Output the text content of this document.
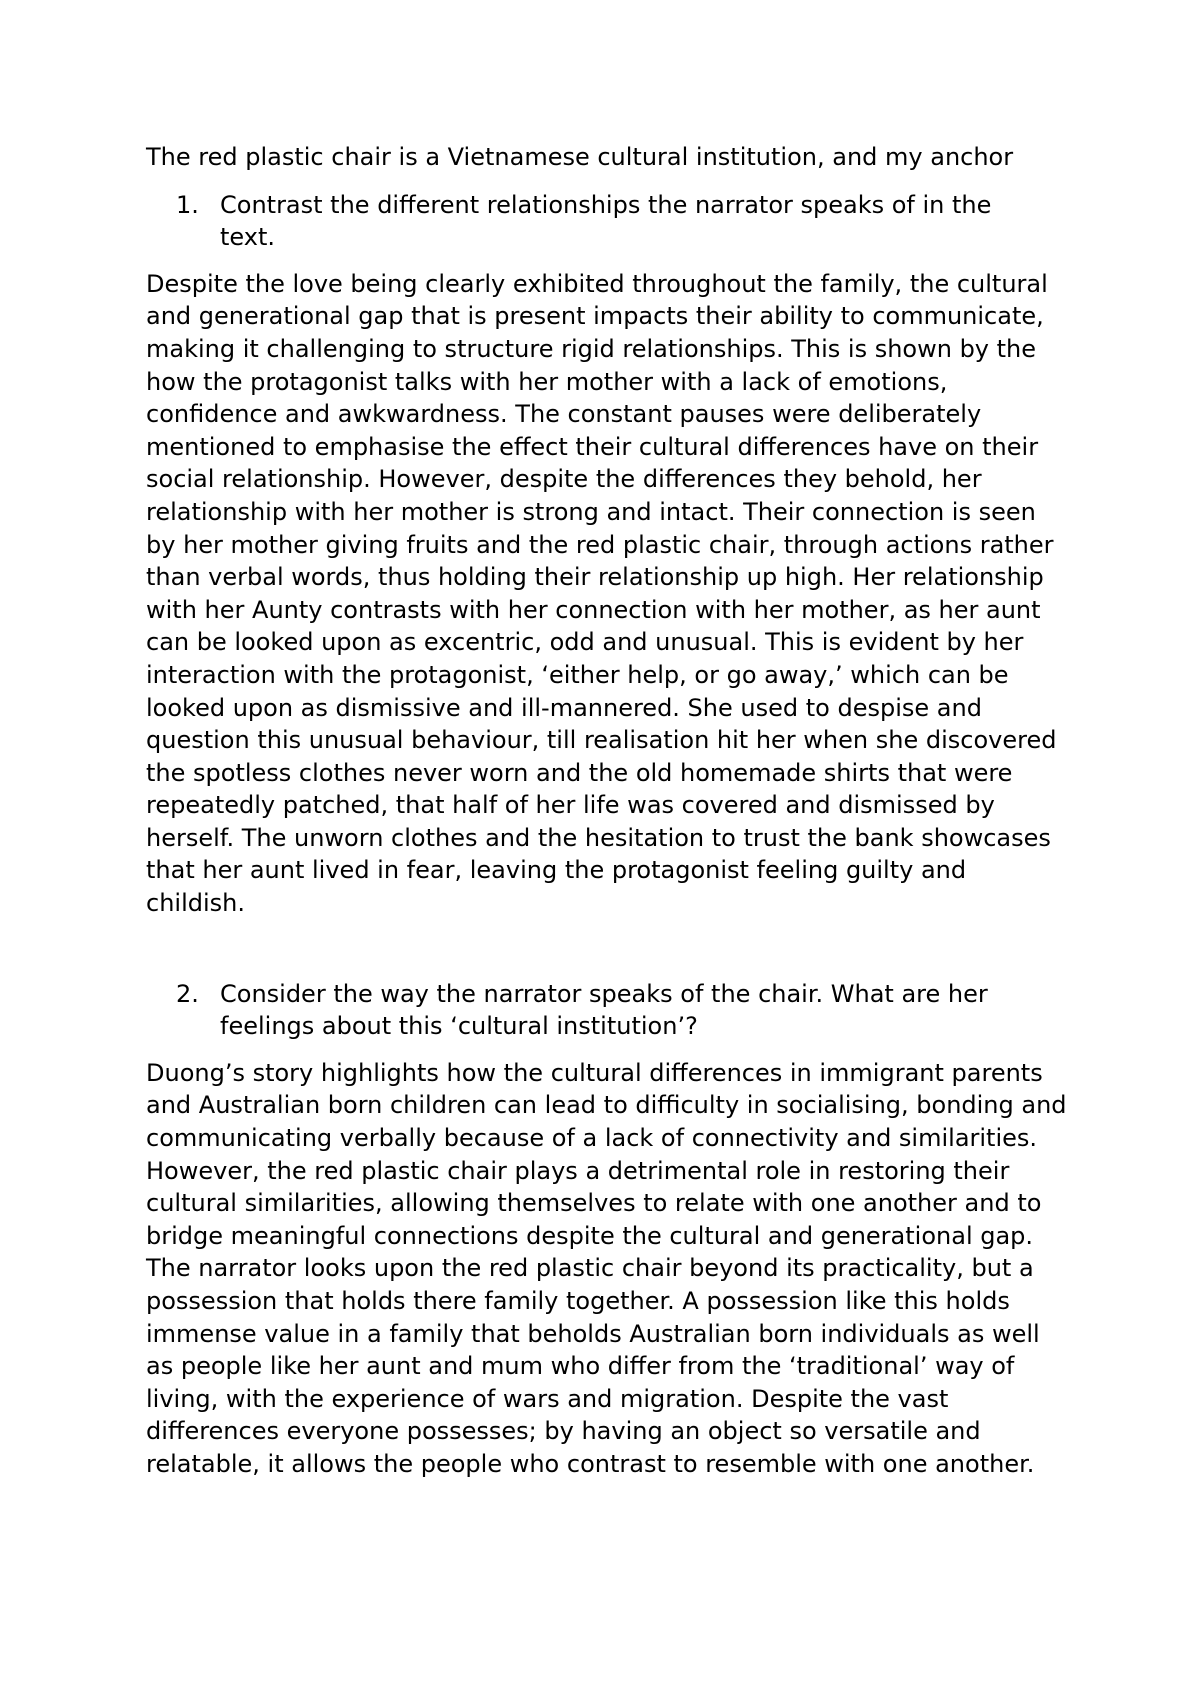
The red plastic chair is a Vietnamese cultural institution, and my anchor

1. Contrast the different relationships the narrator speaks of in the text.

Despite the love being clearly exhibited throughout the family, the cultural and generational gap that is present impacts their ability to communicate, making it challenging to structure rigid relationships. This is shown by the how the protagonist talks with her mother with a lack of emotions, confidence and awkwardness. The constant pauses were deliberately mentioned to emphasise the effect their cultural differences have on their social relationship. However, despite the differences they behold, her relationship with her mother is strong and intact. Their connection is seen by her mother giving fruits and the red plastic chair, through actions rather than verbal words, thus holding their relationship up high. Her relationship with her Aunty contrasts with her connection with her mother, as her aunt can be looked upon as excentric, odd and unusual. This is evident by her interaction with the protagonist, ‘either help, or go away,’ which can be looked upon as dismissive and ill-mannered. She used to despise and question this unusual behaviour, till realisation hit her when she discovered the spotless clothes never worn and the old homemade shirts that were repeatedly patched, that half of her life was covered and dismissed by herself. The unworn clothes and the hesitation to trust the bank showcases that her aunt lived in fear, leaving the protagonist feeling guilty and childish.

2. Consider the way the narrator speaks of the chair. What are her feelings about this ‘cultural institution’?

Duong’s story highlights how the cultural differences in immigrant parents and Australian born children can lead to difficulty in socialising, bonding and communicating verbally because of a lack of connectivity and similarities. However, the red plastic chair plays a detrimental role in restoring their cultural similarities, allowing themselves to relate with one another and to bridge meaningful connections despite the cultural and generational gap. The narrator looks upon the red plastic chair beyond its practicality, but a possession that holds there family together. A possession like this holds immense value in a family that beholds Australian born individuals as well as people like her aunt and mum who differ from the ‘traditional’ way of living, with the experience of wars and migration. Despite the vast differences everyone possesses; by having an object so versatile and relatable, it allows the people who contrast to resemble with one another.
